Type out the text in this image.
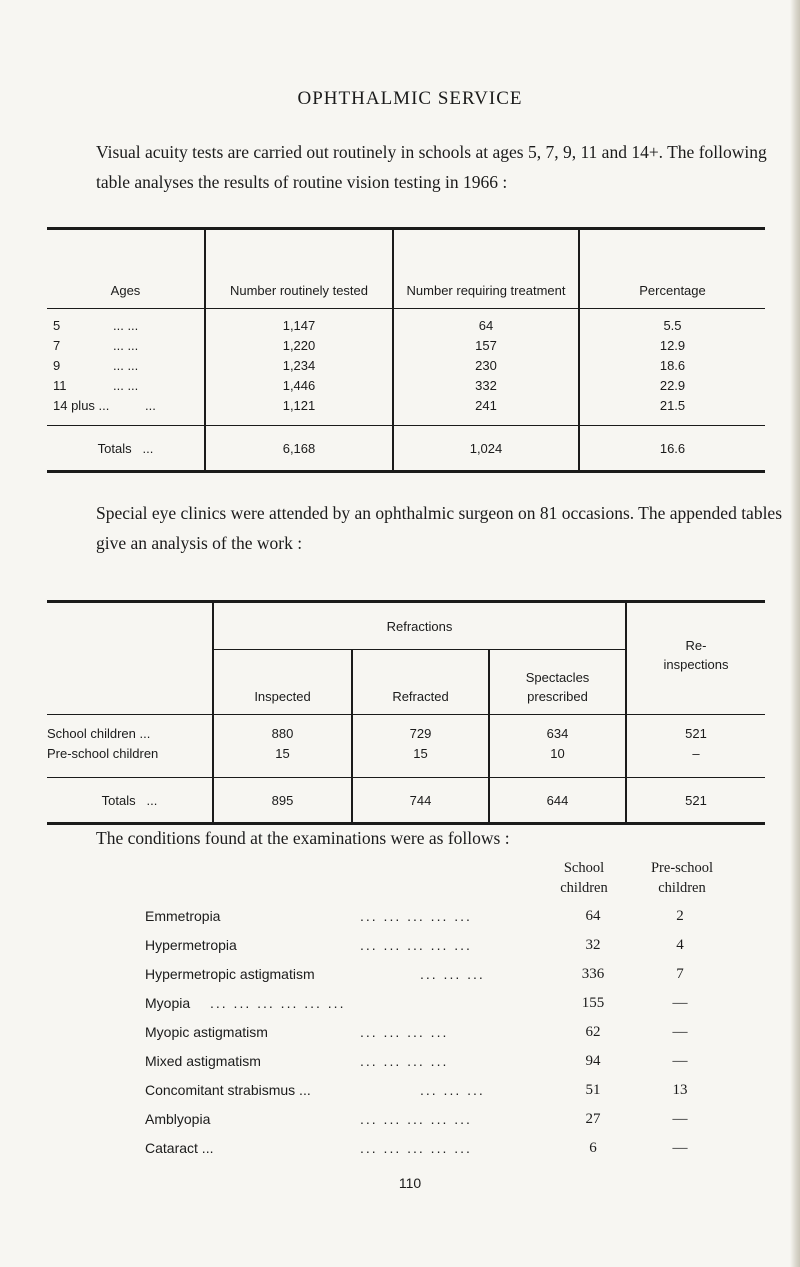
OPHTHALMIC SERVICE
Visual acuity tests are carried out routinely in schools at ages 5, 7, 9, 11 and 14+. The following table analyses the results of routine vision testing in 1966 :
Ages	Number routinely tested	Number requiring treatment	Percentage

5 ... ...	1,147	64	5.5
7 ... ...	1,220	157	12.9
9 ... ...	1,234	230	18.6
11 ... ...	1,446	332	22.9
14 plus ... ...	1,121	241	21.5

Totals ...	6,168	1,024	16.6
Special eye clinics were attended by an ophthalmic surgeon on 81 occasions. The appended tables give an analysis of the work :
	Refractions			Re-
inspections
	Inspected	Refracted	Spectacles
prescribed	

School children ...	880	729	634	521
Pre-school children	15	15	10	–

Totals ...	895	744	644	521
The conditions found at the examinations were as follows :
School
children
Pre-school
children
Emmetropia	... ... ... ... ...	64	2
Hypermetropia	... ... ... ... ...	32	4
Hypermetropic astigmatism	... ... ...	336	7
Myopia ... ... ... ... ... ...	155	—
Myopic astigmatism	... ... ... ...	62	—
Mixed astigmatism	... ... ... ...	94	—
Concomitant strabismus ...	... ... ...	51	13
Amblyopia	... ... ... ... ...	27	—
Cataract ...	... ... ... ... ...	6	—
110
